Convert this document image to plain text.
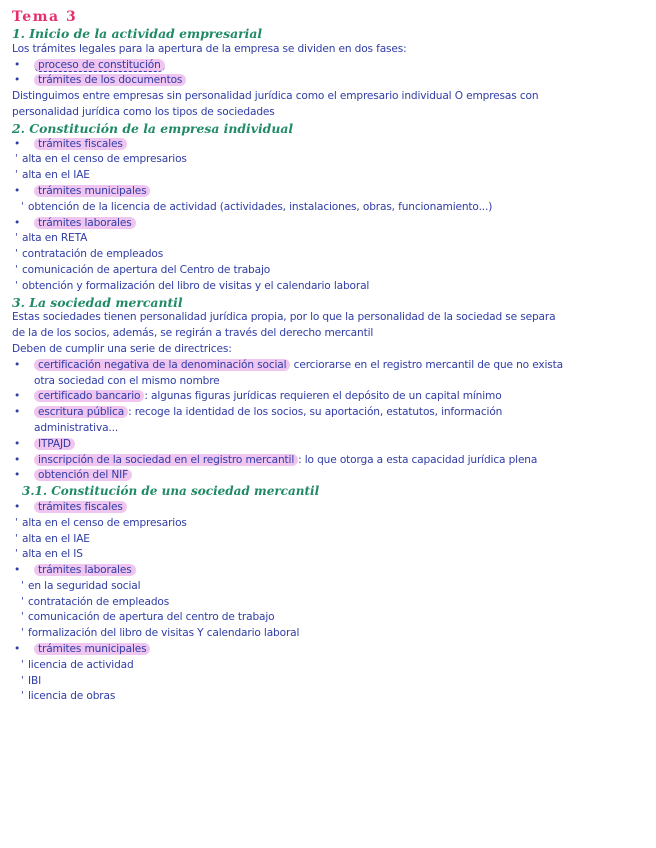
Tema 3
1. Inicio de la actividad empresarial
Los trámites legales para la apertura de la empresa se dividen en dos fases:
• proceso de constitución
• trámites de los documentos
Distinguimos entre empresas sin personalidad jurídica como el empresario individual O empresas con
personalidad jurídica como los tipos de sociedades
2. Constitución de la empresa individual
• trámites fiscales
' alta en el censo de empresarios
' alta en el IAE
• trámites municipales
' obtención de la licencia de actividad (actividades, instalaciones, obras, funcionamiento...)
• trámites laborales
' alta en RETA
' contratación de empleados
' comunicación de apertura del Centro de trabajo
' obtención y formalización del libro de visitas y el calendario laboral
3. La sociedad mercantil
Estas sociedades tienen personalidad jurídica propia, por lo que la personalidad de la sociedad se separa
de la de los socios, además, se regirán a través del derecho mercantil
Deben de cumplir una serie de directrices:
• certificación negativa de la denominación social cerciorarse en el registro mercantil de que no exista
otra sociedad con el mismo nombre
• certificado bancario : algunas figuras jurídicas requieren el depósito de un capital mínimo
• escritura pública : recoge la identidad de los socios, su aportación, estatutos, información
administrativa...
• ITPAJD
• inscripción de la sociedad en el registro mercantil : lo que otorga a esta capacidad jurídica plena
• obtención del NIF
3.1. Constitución de una sociedad mercantil
• trámites fiscales
' alta en el censo de empresarios
' alta en el IAE
' alta en el IS
• trámites laborales
' en la seguridad social
' contratación de empleados
' comunicación de apertura del centro de trabajo
' formalización del libro de visitas Y calendario laboral
• trámites municipales
' licencia de actividad
' IBI
' licencia de obras
